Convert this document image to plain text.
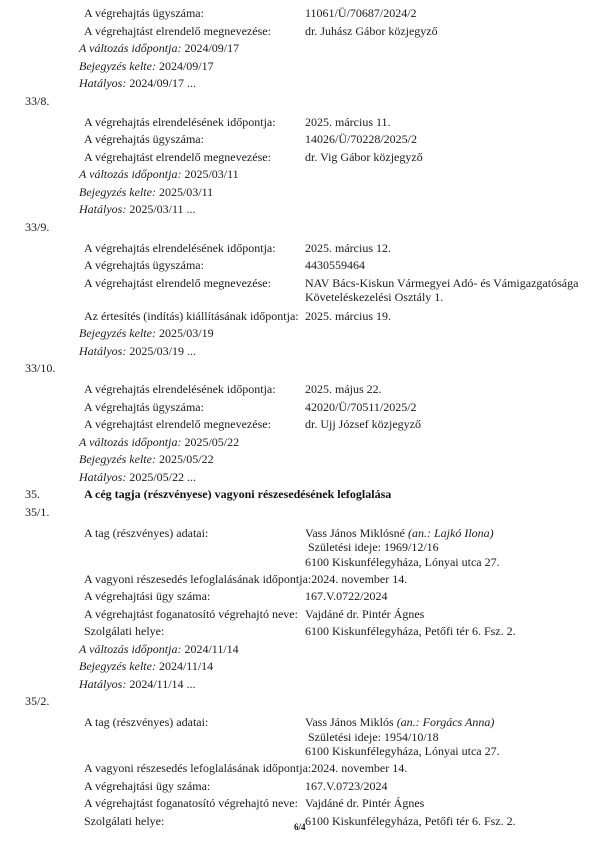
A végrehajtás ügyszáma:	11061/Ü/70687/2024/2
A végrehajtást elrendelő megnevezése:	dr. Juhász Gábor közjegyző
A változás időpontja: 2024/09/17
Bejegyzés kelte: 2024/09/17
Hatályos: 2024/09/17 ...
33/8.
A végrehajtás elrendelésének időpontja:	2025. március 11.
A végrehajtás ügyszáma:	14026/Ü/70228/2025/2
A végrehajtást elrendelő megnevezése:	dr. Vig Gábor közjegyző
A változás időpontja: 2025/03/11
Bejegyzés kelte: 2025/03/11
Hatályos: 2025/03/11 ...
33/9.
A végrehajtás elrendelésének időpontja:	2025. március 12.
A végrehajtás ügyszáma:	4430559464
A végrehajtást elrendelő megnevezése:	NAV Bács-Kiskun Vármegyei Adó- és Vámigazgatósága
Követeléskezelési Osztály 1.
Az értesítés (indítás) kiállításának időpontja: 2025. március 19.
Bejegyzés kelte: 2025/03/19
Hatályos: 2025/03/19 ...
33/10.
A végrehajtás elrendelésének időpontja:	2025. május 22.
A végrehajtás ügyszáma:	42020/Ü/70511/2025/2
A végrehajtást elrendelő megnevezése:	dr. Ujj József közjegyző
A változás időpontja: 2025/05/22
Bejegyzés kelte: 2025/05/22
Hatályos: 2025/05/22 ...
35.	A cég tagja (részvényese) vagyoni részesedésének lefoglalása
35/1.
A tag (részvényes) adatai:	Vass János Miklósné (an.: Lajkó Ilona)
Születési ideje: 1969/12/16
6100 Kiskunfélegyháza, Lónyai utca 27.
A vagyoni részesedés lefoglalásának időpontja: 2024. november 14.
A végrehajtási ügy száma:	167.V.0722/2024
A végrehajtást foganatosító végrehajtó neve: Vajdáné dr. Pintér Ágnes
Szolgálati helye:	6100 Kiskunfélegyháza, Petőfi tér 6. Fsz. 2.
A változás időpontja: 2024/11/14
Bejegyzés kelte: 2024/11/14
Hatályos: 2024/11/14 ...
35/2.
A tag (részvényes) adatai:	Vass János Miklós (an.: Forgács Anna)
Születési ideje: 1954/10/18
6100 Kiskunfélegyháza, Lónyai utca 27.
A vagyoni részesedés lefoglalásának időpontja: 2024. november 14.
A végrehajtási ügy száma:	167.V.0723/2024
A végrehajtást foganatosító végrehajtó neve: Vajdáné dr. Pintér Ágnes
Szolgálati helye:	6100 Kiskunfélegyháza, Petőfi tér 6. Fsz. 2.
6/4
